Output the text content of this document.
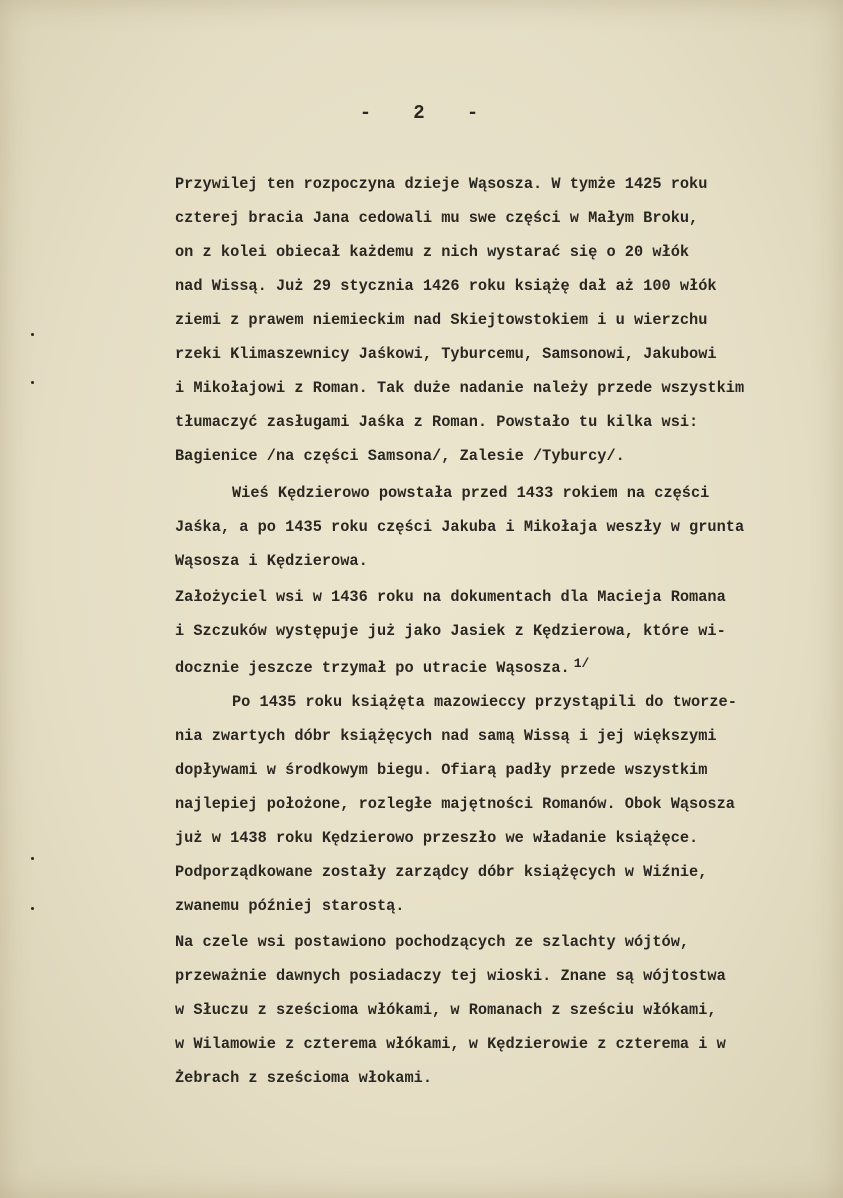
-   2   -
Przywilej ten rozpoczyna dzieje Wąsosza. W tymże 1425 roku
czterej bracia Jana cedowali mu swe części w Małym Broku,
on z kolei obiecał każdemu z nich wystarać się o 20 włók
nad Wissą. Już 29 stycznia 1426 roku książę dał aż 100 włók
ziemi z prawem niemieckim nad Skiejtowstokiem i u wierzchu
rzeki Klimaszewnicy Jaśkowi, Tyburcemu, Samsonowi, Jakubowi
i Mikołajowi z Roman. Tak duże nadanie należy przede wszystkim
tłumaczyć zasługami Jaśka z Roman. Powstało tu kilka wsi:
Bagienice /na części Samsona/, Zalesie /Tyburcy/.
Wieś Kędzierowo powstała przed 1433 rokiem na części
Jaśka, a po 1435 roku części Jakuba i Mikołaja weszły w grunta
Wąsosza i Kędzierowa.
Założyciel wsi w 1436 roku na dokumentach dla Macieja Romana
i Szczuków występuje już jako Jasiek z Kędzierowa, które wi-
docznie jeszcze trzymał po utracie Wąsosza. $^{1/}$
Po 1435 roku książęta mazowieccy przystąpili do tworze-
nia zwartych dóbr książęcych nad samą Wissą i jej większymi
dopływami w środkowym biegu. Ofiarą padły przede wszystkim
najlepiej położone, rozległe majętności Romanów. Obok Wąsosza
już w 1438 roku Kędzierowo przeszło we władanie książęce.
Podporządkowane zostały zarządcy dóbr książęcych w Wiźnie,
zwanemu później starostą.
Na czele wsi postawiono pochodzących ze szlachty wójtów,
przeważnie dawnych posiadaczy tej wioski. Znane są wójtostwa
w Słuczu z sześcioma włókami, w Romanach z sześciu włókami,
w Wilamowie z czterema włókami, w Kędzierowie z czterema i w
Żebrach z sześcioma włokami.
